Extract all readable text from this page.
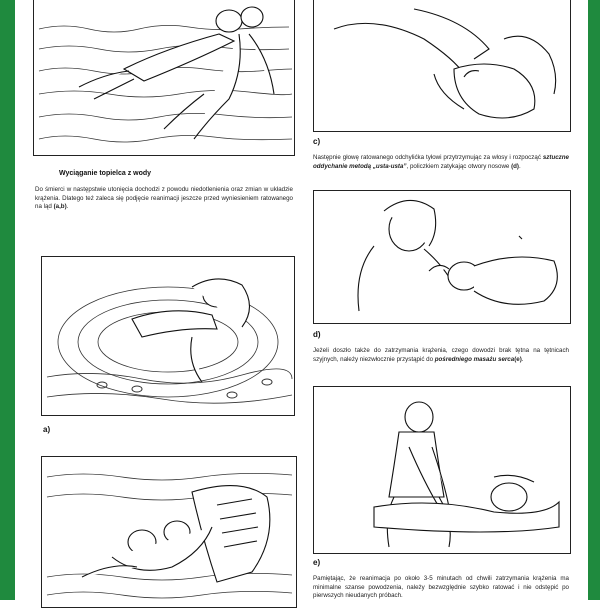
Wyciąganie topielca z wody

Do śmierci w następstwie utonięcia dochodzi z powodu niedotlenienia oraz zmian w układzie krążenia. Dlatego też zaleca się podjęcie reanimacji jeszcze przed wyniesieniem ratowanego na ląd (a,b).

a)
c)

Następnie głowę ratowanego odchylićka tyłowi przytrzymując za włosy i rozpocząć sztuczne oddychanie metodą „usta-usta”, policzkiem zatykając otwory nosowe (d).

d)

Jeżeli doszło także do zatrzymania krążenia, czego dowodzi brak tętna na tętnicach szyjnych, należy niezwłocznie przystąpić do pośredniego masażu serca(e).

e)

Pamiętając, że reanimacja po około 3-5 minutach od chwili zatrzymania krążenia ma minimalne szanse powodzenia, należy bezwzględnie szybko ratować i nie odstępić po pierwszych nieudanych próbach.
